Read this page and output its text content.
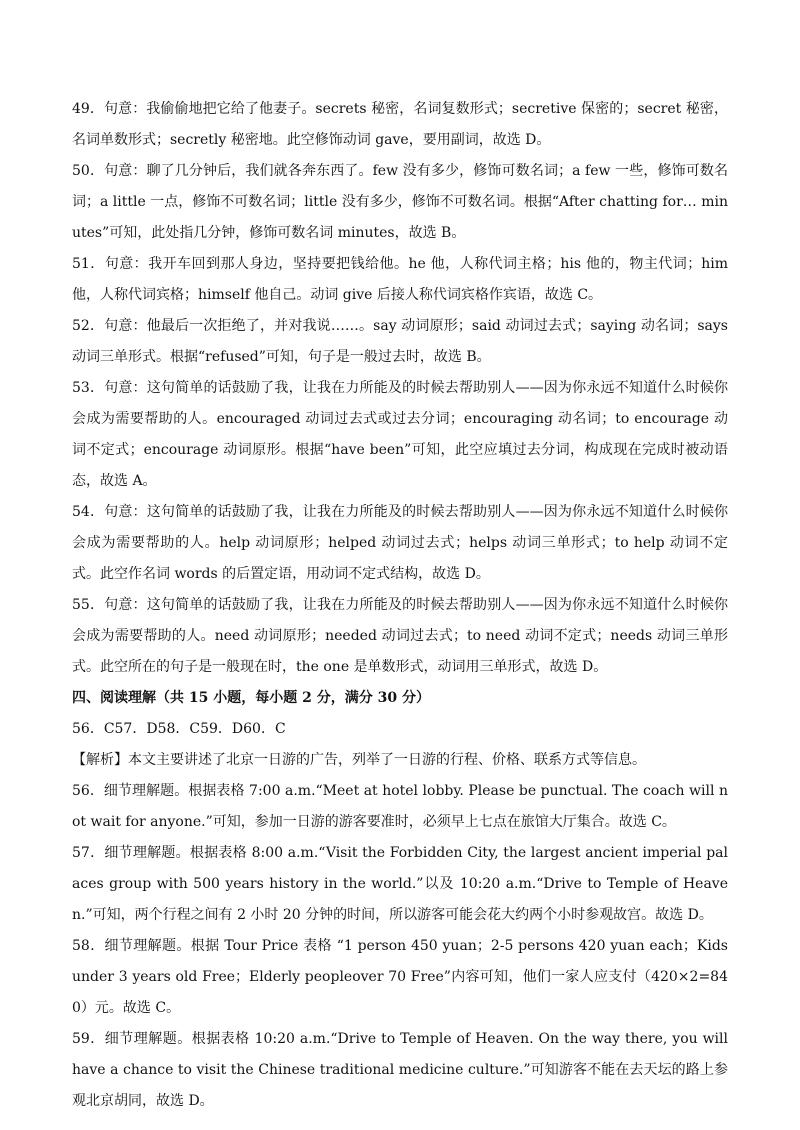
49．句意：我偷偷地把它给了他妻子。secrets 秘密，名词复数形式；secretive 保密的；secret 秘密，名词单数形式；secretly 秘密地。此空修饰动词 gave，要用副词，故选 D。

50．句意：聊了几分钟后，我们就各奔东西了。few 没有多少，修饰可数名词；a few 一些，修饰可数名词；a little 一点，修饰不可数名词；little 没有多少，修饰不可数名词。根据“After chatting for… minutes”可知，此处指几分钟，修饰可数名词 minutes，故选 B。

51．句意：我开车回到那人身边，坚持要把钱给他。he 他，人称代词主格；his 他的，物主代词；him 他，人称代词宾格；himself 他自己。动词 give 后接人称代词宾格作宾语，故选 C。

52．句意：他最后一次拒绝了，并对我说……。say 动词原形；said 动词过去式；saying 动名词；says 动词三单形式。根据“refused”可知，句子是一般过去时，故选 B。

53．句意：这句简单的话鼓励了我，让我在力所能及的时候去帮助别人——因为你永远不知道什么时候你会成为需要帮助的人。encouraged 动词过去式或过去分词；encouraging 动名词；to encourage 动词不定式；encourage 动词原形。根据“have been”可知，此空应填过去分词，构成现在完成时被动语态，故选 A。

54．句意：这句简单的话鼓励了我，让我在力所能及的时候去帮助别人——因为你永远不知道什么时候你会成为需要帮助的人。help 动词原形；helped 动词过去式；helps 动词三单形式；to help 动词不定式。此空作名词 words 的后置定语，用动词不定式结构，故选 D。

55．句意：这句简单的话鼓励了我，让我在力所能及的时候去帮助别人——因为你永远不知道什么时候你会成为需要帮助的人。need 动词原形；needed 动词过去式；to need 动词不定式；needs 动词三单形式。此空所在的句子是一般现在时，the one 是单数形式，动词用三单形式，故选 D。

四、阅读理解（共 15 小题，每小题 2 分，满分 30 分）

56．C57．D58．C59．D60．C

【解析】本文主要讲述了北京一日游的广告，列举了一日游的行程、价格、联系方式等信息。

56．细节理解题。根据表格 7:00 a.m.“Meet at hotel lobby. Please be punctual. The coach will not wait for anyone.”可知，参加一日游的游客要准时，必须早上七点在旅馆大厅集合。故选 C。

57．细节理解题。根据表格 8:00 a.m.“Visit the Forbidden City, the largest ancient imperial palaces group with 500 years history in the world.”以及 10:20 a.m.“Drive to Temple of Heaven.”可知，两个行程之间有 2 小时 20 分钟的时间，所以游客可能会花大约两个小时参观故宫。故选 D。

58．细节理解题。根据 Tour Price 表格 “1 person 450 yuan；2-5 persons 420 yuan each；Kidsunder 3 years old Free；Elderly peopleover 70 Free”内容可知，他们一家人应支付（420×2=840）元。故选 C。

59．细节理解题。根据表格 10:20 a.m.“Drive to Temple of Heaven. On the way there, you will have a chance to visit the Chinese traditional medicine culture.”可知游客不能在去天坛的路上参观北京胡同，故选 D。
